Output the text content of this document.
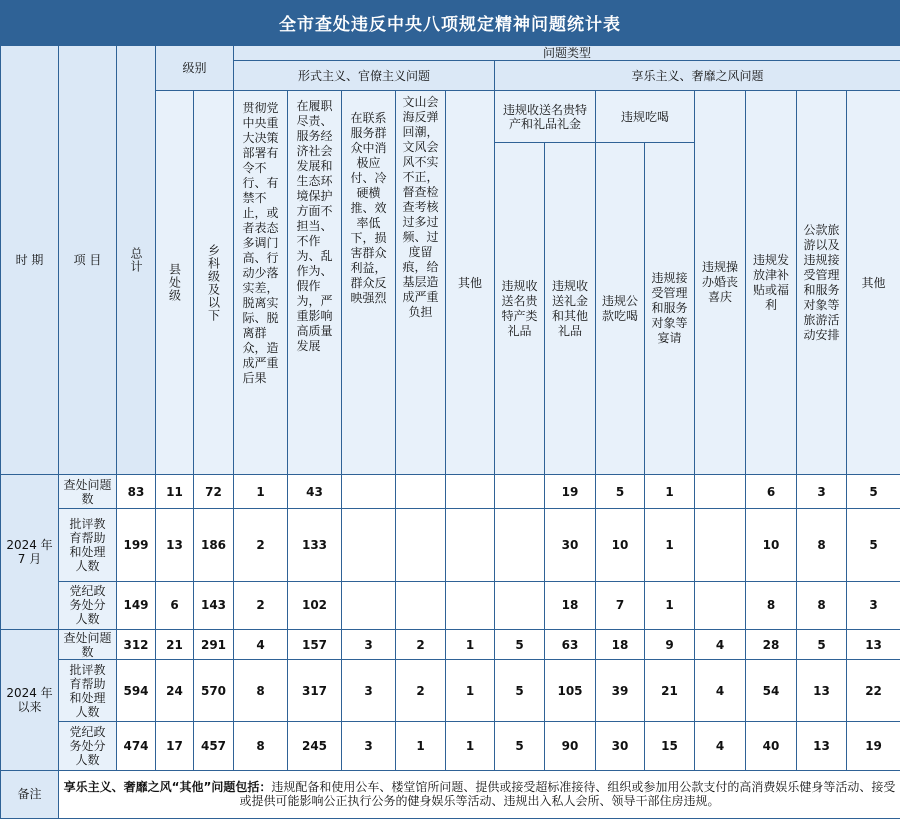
全市查处违反中央八项规定精神问题统计表
时 期	项 目	总计	级别		问题类型												
					形式主义、官僚主义问题					享乐主义、奢靡之风问题							

			县处级	乡科级及以下	贯彻党中央重大决策部署有令不行、有禁不止，或者表态多调门高、行动少落实差，脱离实际、脱离群众，造成严重后果	在履职尽责、服务经济社会发展和生态环境保护方面不担当、不作为、乱作为、假作为，严重影响高质量发展	在联系服务群众中消极应付、冷硬横推、效率低下，损害群众利益，群众反映强烈	文山会海反弹回潮，文风会风不实不正，督查检查考核过多过频、过度留痕，给基层造成严重负担	其他	违规收送名贵特产和礼品礼金		违规吃喝		违规操办婚丧喜庆	违规发放津补贴或福利	公款旅游以及违规接受管理和服务对象等旅游活动安排	其他

										违规收送名贵特产类礼品	违规收送礼金和其他礼品	违规公款吃喝	违规接受管理和服务对象等宴请				

2024 年 7 月	查处问题数	83	11	72	1	43					19	5	1		6	3	5

	批评教育帮助和处理人数	199	13	186	2	133					30	10	1		10	8	5

	党纪政务处分人数	149	6	143	2	102					18	7	1		8	8	3
2024 年 以来	查处问题数	312	21	291	4	157	3	2	1	5	63	18	9	4	28	5	13

	批评教育帮助和处理人数	594	24	570	8	317	3	2	1	5	105	39	21	4	54	13	22

	党纪政务处分人数	474	17	457	8	245	3	1	1	5	90	30	15	4	40	13	19
备注	享乐主义、奢靡之风“其他”问题包括：违规配备和使用公车、楼堂馆所问题、提供或接受超标准接待、组织或参加用公款支付的高消费娱乐健身等活动、接受或提供可能影响公正执行公务的健身娱乐等活动、违规出入私人会所、领导干部住房违规。																
